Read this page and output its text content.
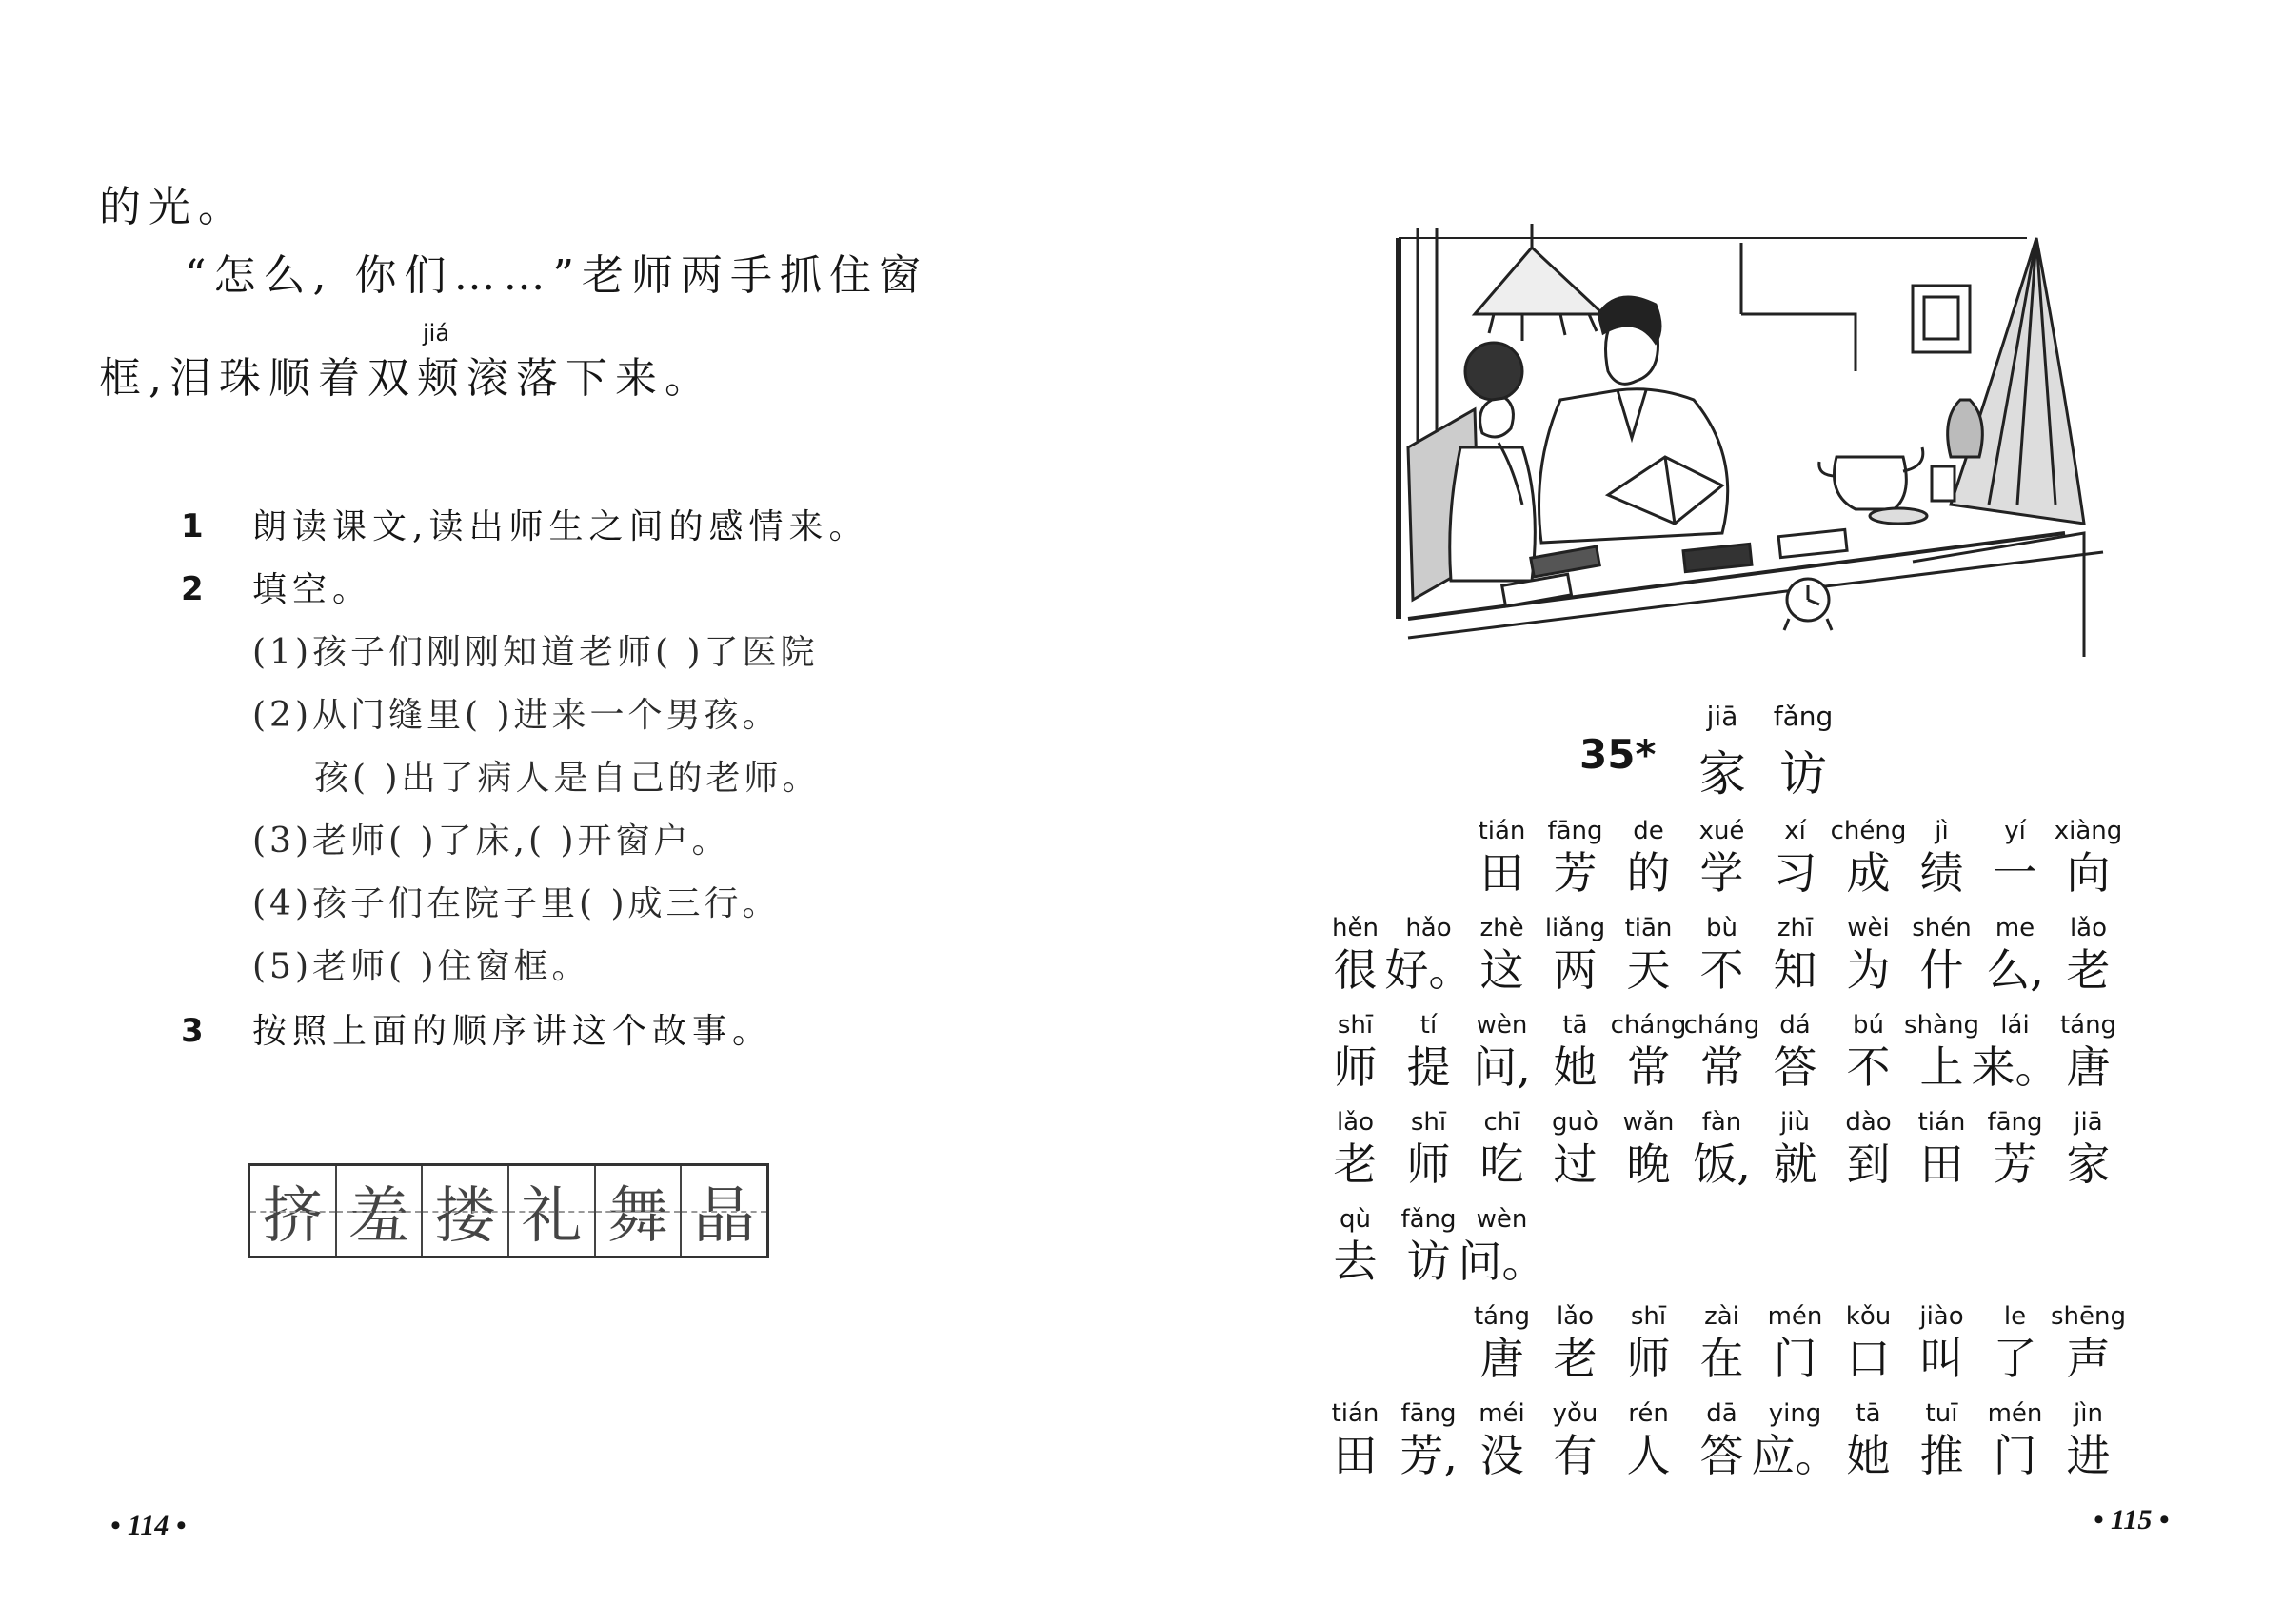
的光。
“怎么, 你们……”老师两手抓住窗
jiá
框,泪珠顺着双颊滚落下来。
1 朗读课文,读出师生之间的感情来。
2 填空。
(1)孩子们刚刚知道老师( )了医院
(2)从门缝里( )进来一个男孩。
孩( )出了病人是自己的老师。
(3)老师( )了床,( )开窗户。
(4)孩子们在院子里( )成三行。
(5)老师( )住窗框。
3 按照上面的顺序讲这个故事。
挤 羞 搂 礼 舞 晶
• 114 •
35*
jiā
家
fǎng
访
tián
田
fāng
芳
de
的
xué
学
xí
习
chéng
成
jì
绩
yí
一
xiàng
向
hěn
很
hǎo
好。
zhè
这
liǎng
两
tiān
天
bù
不
zhī
知
wèi
为
shén
什
me
么,
lǎo
老
shī
师
tí
提
wèn
问,
tā
她
cháng
常
cháng
常
dá
答
bú
不
shàng
上
lái
来。
táng
唐
lǎo
老
shī
师
chī
吃
guò
过
wǎn
晚
fàn
饭,
jiù
就
dào
到
tián
田
fāng
芳
jiā
家
qù
去
fǎng
访
wèn
问。
táng
唐
lǎo
老
shī
师
zài
在
mén
门
kǒu
口
jiào
叫
le
了
shēng
声
tián
田
fāng
芳,
méi
没
yǒu
有
rén
人
dā
答
ying
应。
tā
她
tuī
推
mén
门
jìn
进
• 115 •
